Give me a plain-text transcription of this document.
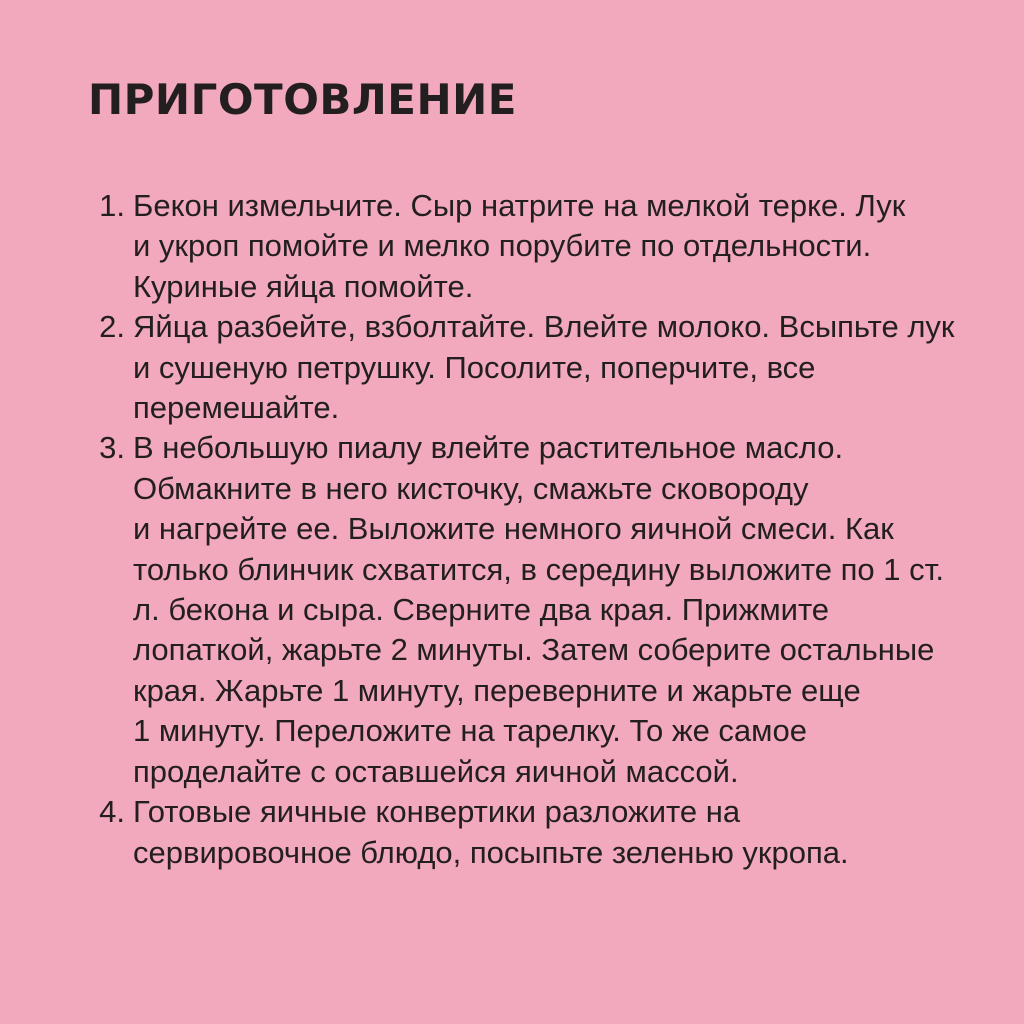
ПРИГОТОВЛЕНИЕ
1. Бекон измельчите. Сыр натрите на мелкой терке. Лук
и укроп помойте и мелко порубите по отдельности.
Куриные яйца помойте.
2. Яйца разбейте, взболтайте. Влейте молоко. Всыпьте лук
и сушеную петрушку. Посолите, поперчите, все
перемешайте.
3. В небольшую пиалу влейте растительное масло.
Обмакните в него кисточку, смажьте сковороду
и нагрейте ее. Выложите немного яичной смеси. Как
только блинчик схватится, в середину выложите по 1 ст.
л. бекона и сыра. Сверните два края. Прижмите
лопаткой, жарьте 2 минуты. Затем соберите остальные
края. Жарьте 1 минуту, переверните и жарьте еще
1 минуту. Переложите на тарелку. То же самое
проделайте с оставшейся яичной массой.
4. Готовые яичные конвертики разложите на
сервировочное блюдо, посыпьте зеленью укропа.
